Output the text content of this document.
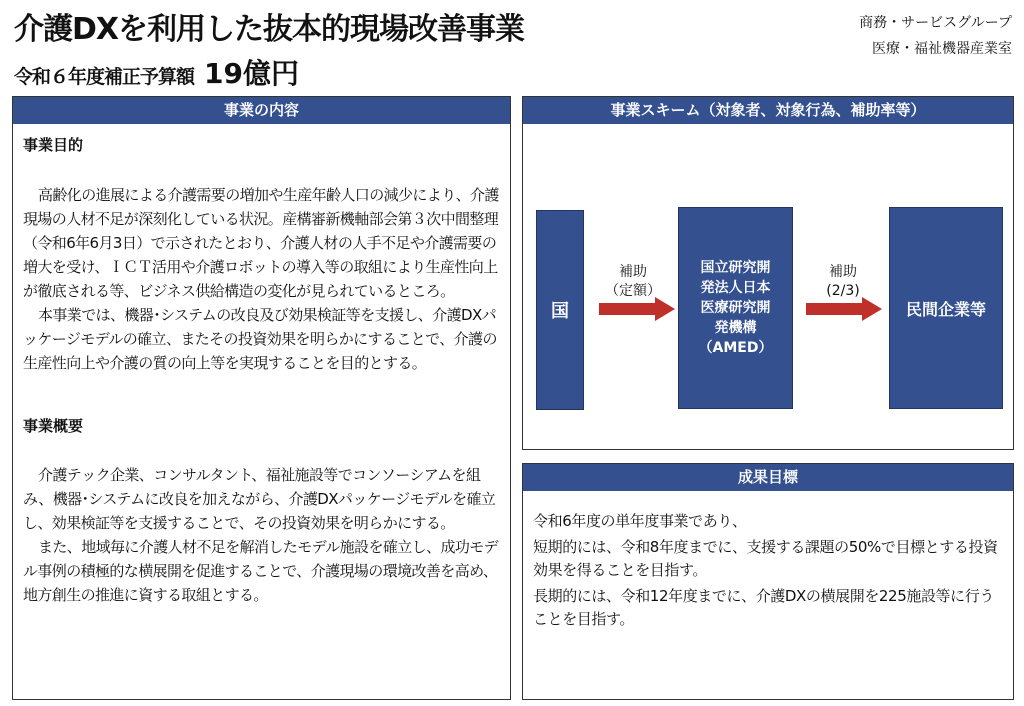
介護DXを利用した抜本的現場改善事業
令和６年度補正予算額 19億円
商務・サービスグループ
医療・福祉機器産業室
事業の内容
事業目的

高齢化の進展による介護需要の増加や生産年齢人口の減少により、介護現場の人材不足が深刻化している状況。産構審新機軸部会第３次中間整理（令和6年6月3日）で示されたとおり、介護人材の人手不足や介護需要の増大を受け、ＩＣＴ活用や介護ロボットの導入等の取組により生産性向上が徹底される等、ビジネス供給構造の変化が見られているところ。

本事業では、機器･システムの改良及び効果検証等を支援し、介護DXパッケージモデルの確立、またその投資効果を明らかにすることで、介護の生産性向上や介護の質の向上等を実現することを目的とする。

事業概要

介護テック企業、コンサルタント、福祉施設等でコンソーシアムを組み、機器･システムに改良を加えながら、介護DXパッケージモデルを確立し、効果検証等を支援することで、その投資効果を明らかにする。

また、地域毎に介護人材不足を解消したモデル施設を確立し、成功モデル事例の積極的な横展開を促進することで、介護現場の環境改善を高め、地方創生の推進に資する取組とする。

事業スキーム（対象者、対象行為、補助率等）
国
補助
（定額）
国立研究開
発法人日本
医療研究開
発機構
（AMED）
補助
(2/3)
民間企業等
成果目標

令和6年度の単年度事業であり、

短期的には、令和8年度までに、支援する課題の50%で目標とする投資効果を得ることを目指す。

長期的には、令和12年度までに、介護DXの横展開を225施設等に行うことを目指す。
